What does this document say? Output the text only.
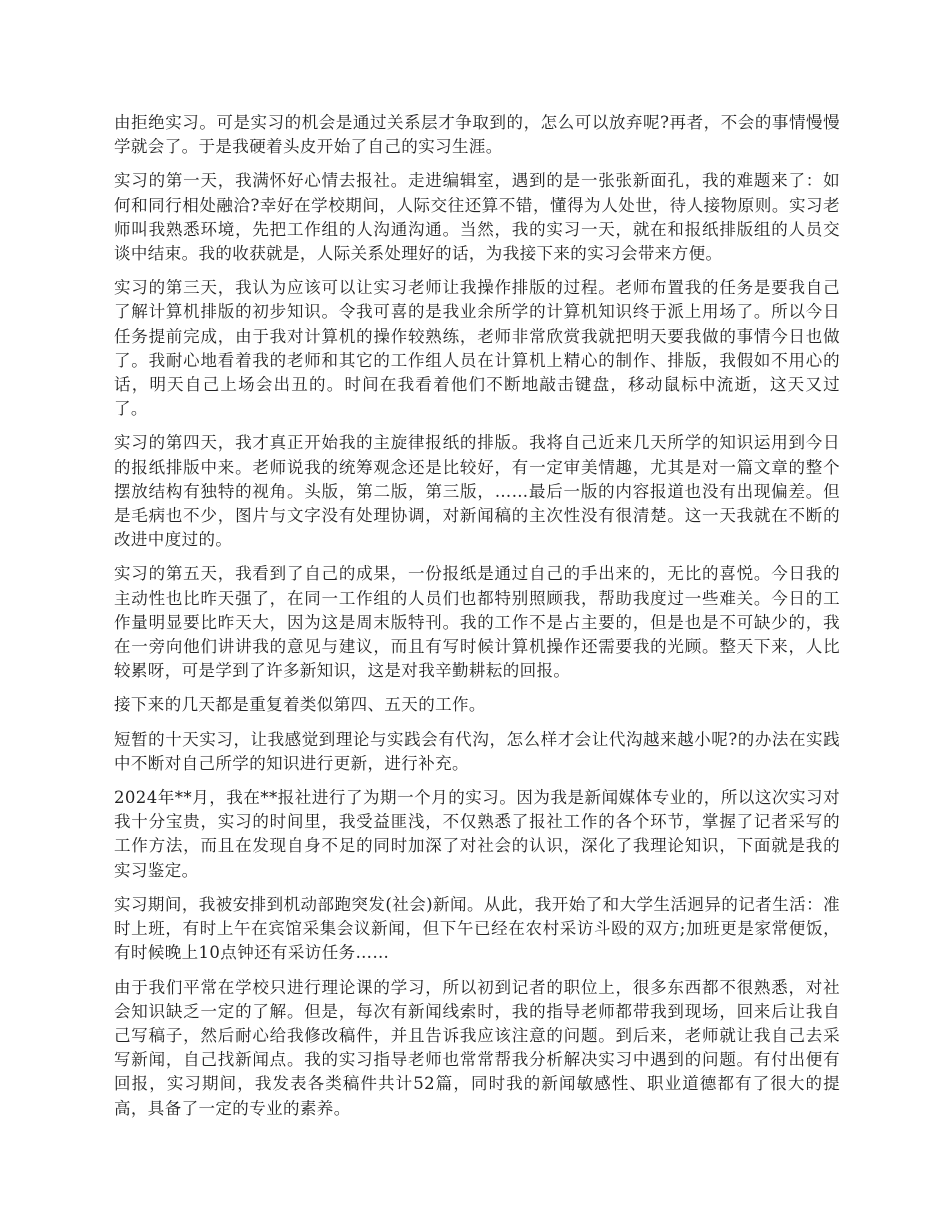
由拒绝实习。可是实习的机会是通过关系层才争取到的，怎么可以放弃呢?再者，不会的事情慢慢学就会了。于是我硬着头皮开始了自己的实习生涯。

实习的第一天，我满怀好心情去报社。走进编辑室，遇到的是一张张新面孔，我的难题来了：如何和同行相处融洽?幸好在学校期间，人际交往还算不错，懂得为人处世，待人接物原则。实习老师叫我熟悉环境，先把工作组的人沟通沟通。当然，我的实习一天，就在和报纸排版组的人员交谈中结束。我的收获就是，人际关系处理好的话，为我接下来的实习会带来方便。

实习的第三天，我认为应该可以让实习老师让我操作排版的过程。老师布置我的任务是要我自己了解计算机排版的初步知识。令我可喜的是我业余所学的计算机知识终于派上用场了。所以今日任务提前完成，由于我对计算机的操作较熟练，老师非常欣赏我就把明天要我做的事情今日也做了。我耐心地看着我的老师和其它的工作组人员在计算机上精心的制作、排版，我假如不用心的话，明天自己上场会出丑的。时间在我看着他们不断地敲击键盘，移动鼠标中流逝，这天又过了。

实习的第四天，我才真正开始我的主旋律报纸的排版。我将自己近来几天所学的知识运用到今日的报纸排版中来。老师说我的统筹观念还是比较好，有一定审美情趣，尤其是对一篇文章的整个摆放结构有独特的视角。头版，第二版，第三版，……最后一版的内容报道也没有出现偏差。但是毛病也不少，图片与文字没有处理协调，对新闻稿的主次性没有很清楚。这一天我就在不断的改进中度过的。

实习的第五天，我看到了自己的成果，一份报纸是通过自己的手出来的，无比的喜悦。今日我的主动性也比昨天强了，在同一工作组的人员们也都特别照顾我，帮助我度过一些难关。今日的工作量明显要比昨天大，因为这是周末版特刊。我的工作不是占主要的，但是也是不可缺少的，我在一旁向他们讲讲我的意见与建议，而且有写时候计算机操作还需要我的光顾。整天下来，人比较累呀，可是学到了许多新知识，这是对我辛勤耕耘的回报。

接下来的几天都是重复着类似第四、五天的工作。

短暂的十天实习，让我感觉到理论与实践会有代沟，怎么样才会让代沟越来越小呢?的办法在实践中不断对自己所学的知识进行更新，进行补充。

2024年**月，我在**报社进行了为期一个月的实习。因为我是新闻媒体专业的，所以这次实习对我十分宝贵，实习的时间里，我受益匪浅，不仅熟悉了报社工作的各个环节，掌握了记者采写的工作方法，而且在发现自身不足的同时加深了对社会的认识，深化了我理论知识，下面就是我的实习鉴定。

实习期间，我被安排到机动部跑突发(社会)新闻。从此，我开始了和大学生活迥异的记者生活：准时上班，有时上午在宾馆采集会议新闻，但下午已经在农村采访斗殴的双方;加班更是家常便饭，有时候晚上10点钟还有采访任务……

由于我们平常在学校只进行理论课的学习，所以初到记者的职位上，很多东西都不很熟悉，对社会知识缺乏一定的了解。但是，每次有新闻线索时，我的指导老师都带我到现场，回来后让我自己写稿子，然后耐心给我修改稿件，并且告诉我应该注意的问题。到后来，老师就让我自己去采写新闻，自己找新闻点。我的实习指导老师也常常帮我分析解决实习中遇到的问题。有付出便有回报，实习期间，我发表各类稿件共计52篇，同时我的新闻敏感性、职业道德都有了很大的提高，具备了一定的专业的素养。
